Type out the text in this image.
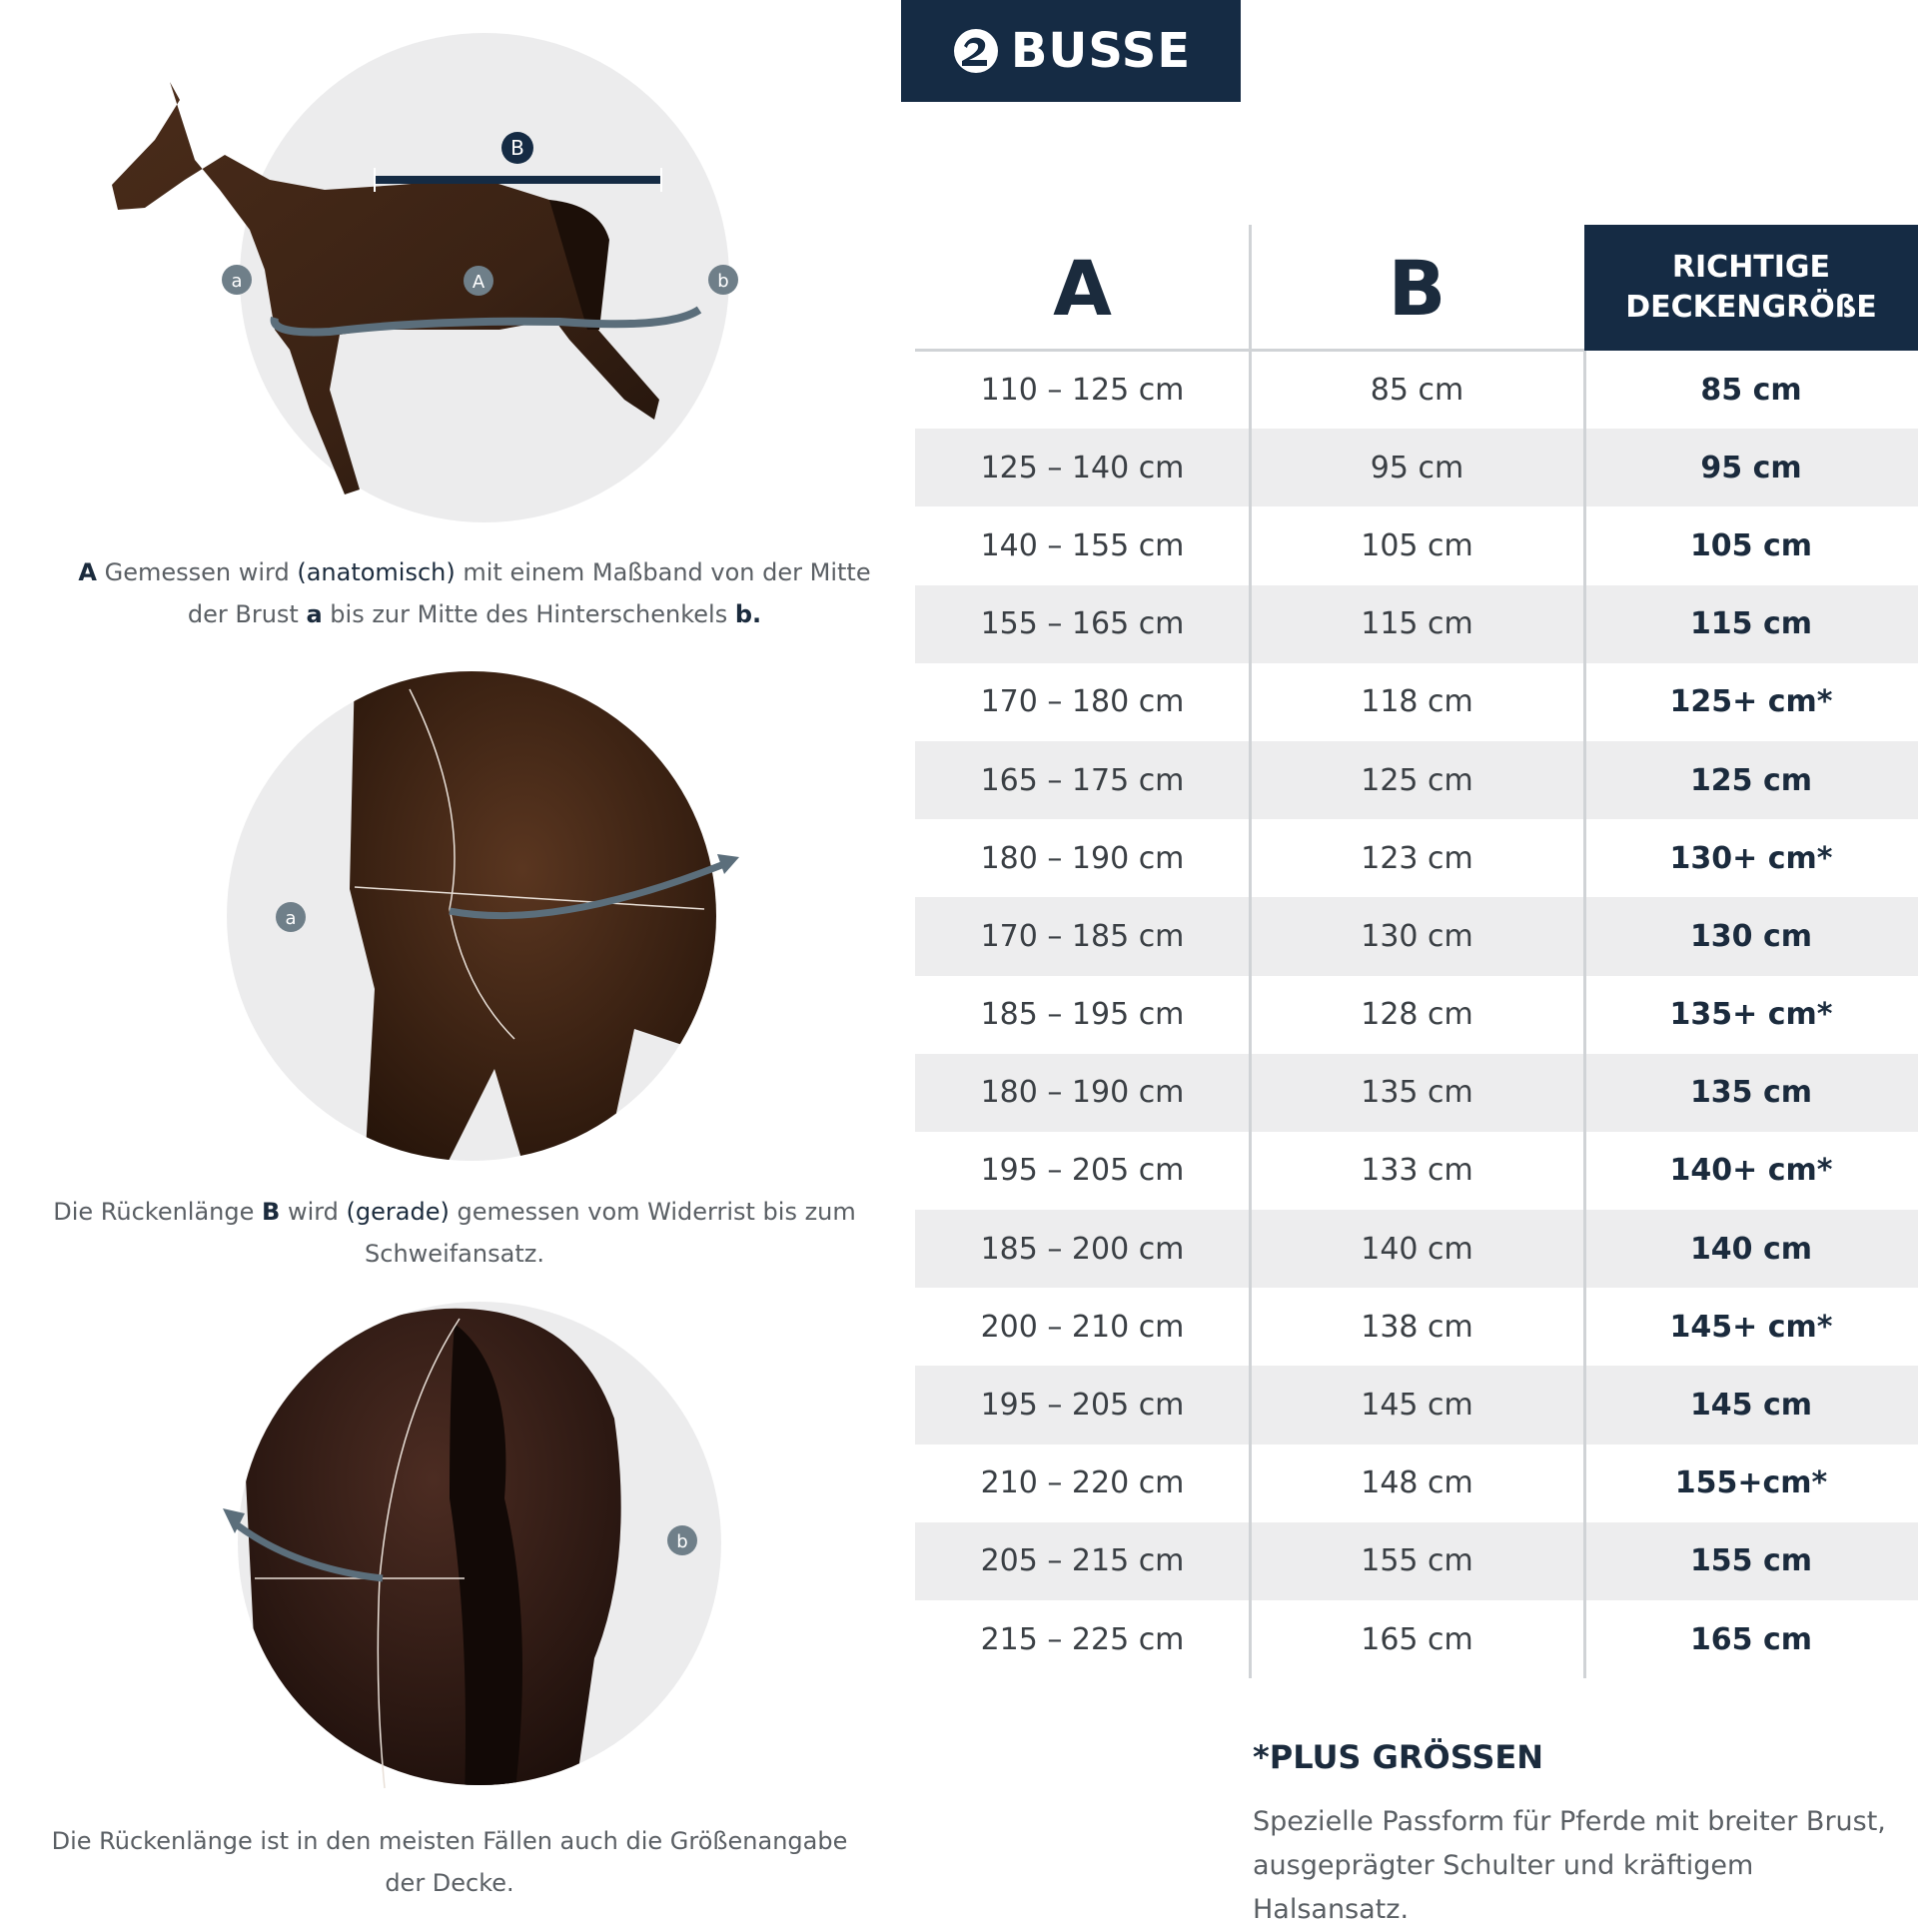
B
a	A	b
A Gemessen wird (anatomisch) mit einem Maßband von der Mitte der Brust a bis zur Mitte des Hinterschenkels b.
a
Die Rückenlänge B wird (gerade) gemessen vom Widerrist bis zum Schweifansatz.
b
Die Rückenlänge ist in den meisten Fällen auch die Größenangabe der Decke.
BUSSE
A	B	RICHTIGE
DECKENGRÖßE
110 – 125 cm	85 cm	85 cm
125 – 140 cm	95 cm	95 cm
140 – 155 cm	105 cm	105 cm
155 – 165 cm	115 cm	115 cm
170 – 180 cm	118 cm	125+ cm*
165 – 175 cm	125 cm	125 cm
180 – 190 cm	123 cm	130+ cm*
170 – 185 cm	130 cm	130 cm
185 – 195 cm	128 cm	135+ cm*
180 – 190 cm	135 cm	135 cm
195 – 205 cm	133 cm	140+ cm*
185 – 200 cm	140 cm	140 cm
200 – 210 cm	138 cm	145+ cm*
195 – 205 cm	145 cm	145 cm
210 – 220 cm	148 cm	155+cm*
205 – 215 cm	155 cm	155 cm
215 – 225 cm	165 cm	165 cm
*PLUS GRÖSSEN
Spezielle Passform für Pferde mit breiter Brust, ausgeprägter Schulter und kräftigem Halsansatz.
